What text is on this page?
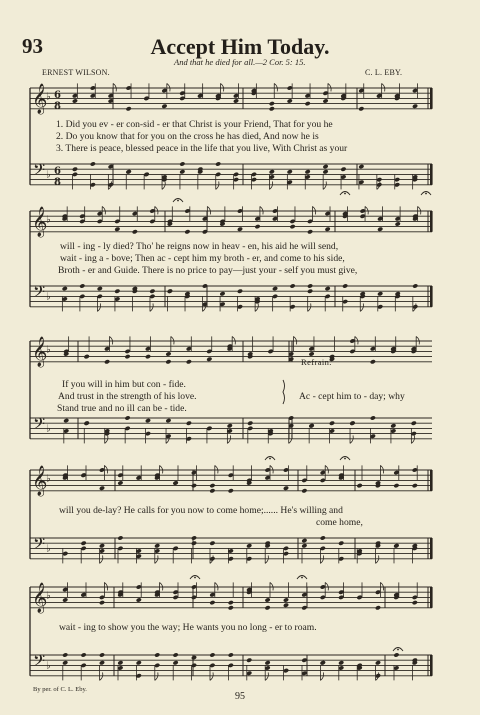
93	Accept Him Today.
And that he died for all.—2 Cor. 5: 15.
ERNEST WILSON.	C. L. EBY.
𝄞
𝄢
♭
♭
6
8
6
8
𝄞
𝄢
♭
♭
𝄞
𝄢
♭
♭
𝄞
𝄢
♭
♭
𝄞
𝄢
♭
♭
1. Did you ev - er con-sid - er that Christ is your Friend, That for you he
2. Do you know that for you on the cross he has died, And now he is
3. There is peace, blessed peace in the life that you live, With Christ as your
will - ing - ly died? Tho' he reigns now in heav - en, his aid he will send,
wait - ing a - bove; Then ac - cept him my broth - er, and come to his side,
Broth - er and Guide. There is no price to pay—just your - self you must give,
Refrain.
If you will in him but con - fide.
And trust in the strength of his love.
Stand true and no ill can be - tide.
Ac - cept him to - day; why
will you de-lay? He calls for you now to come home;...... He's willing and
come home,
wait - ing to show you the way; He wants you no long - er to roam.
By per. of C. L. Eby.
95
